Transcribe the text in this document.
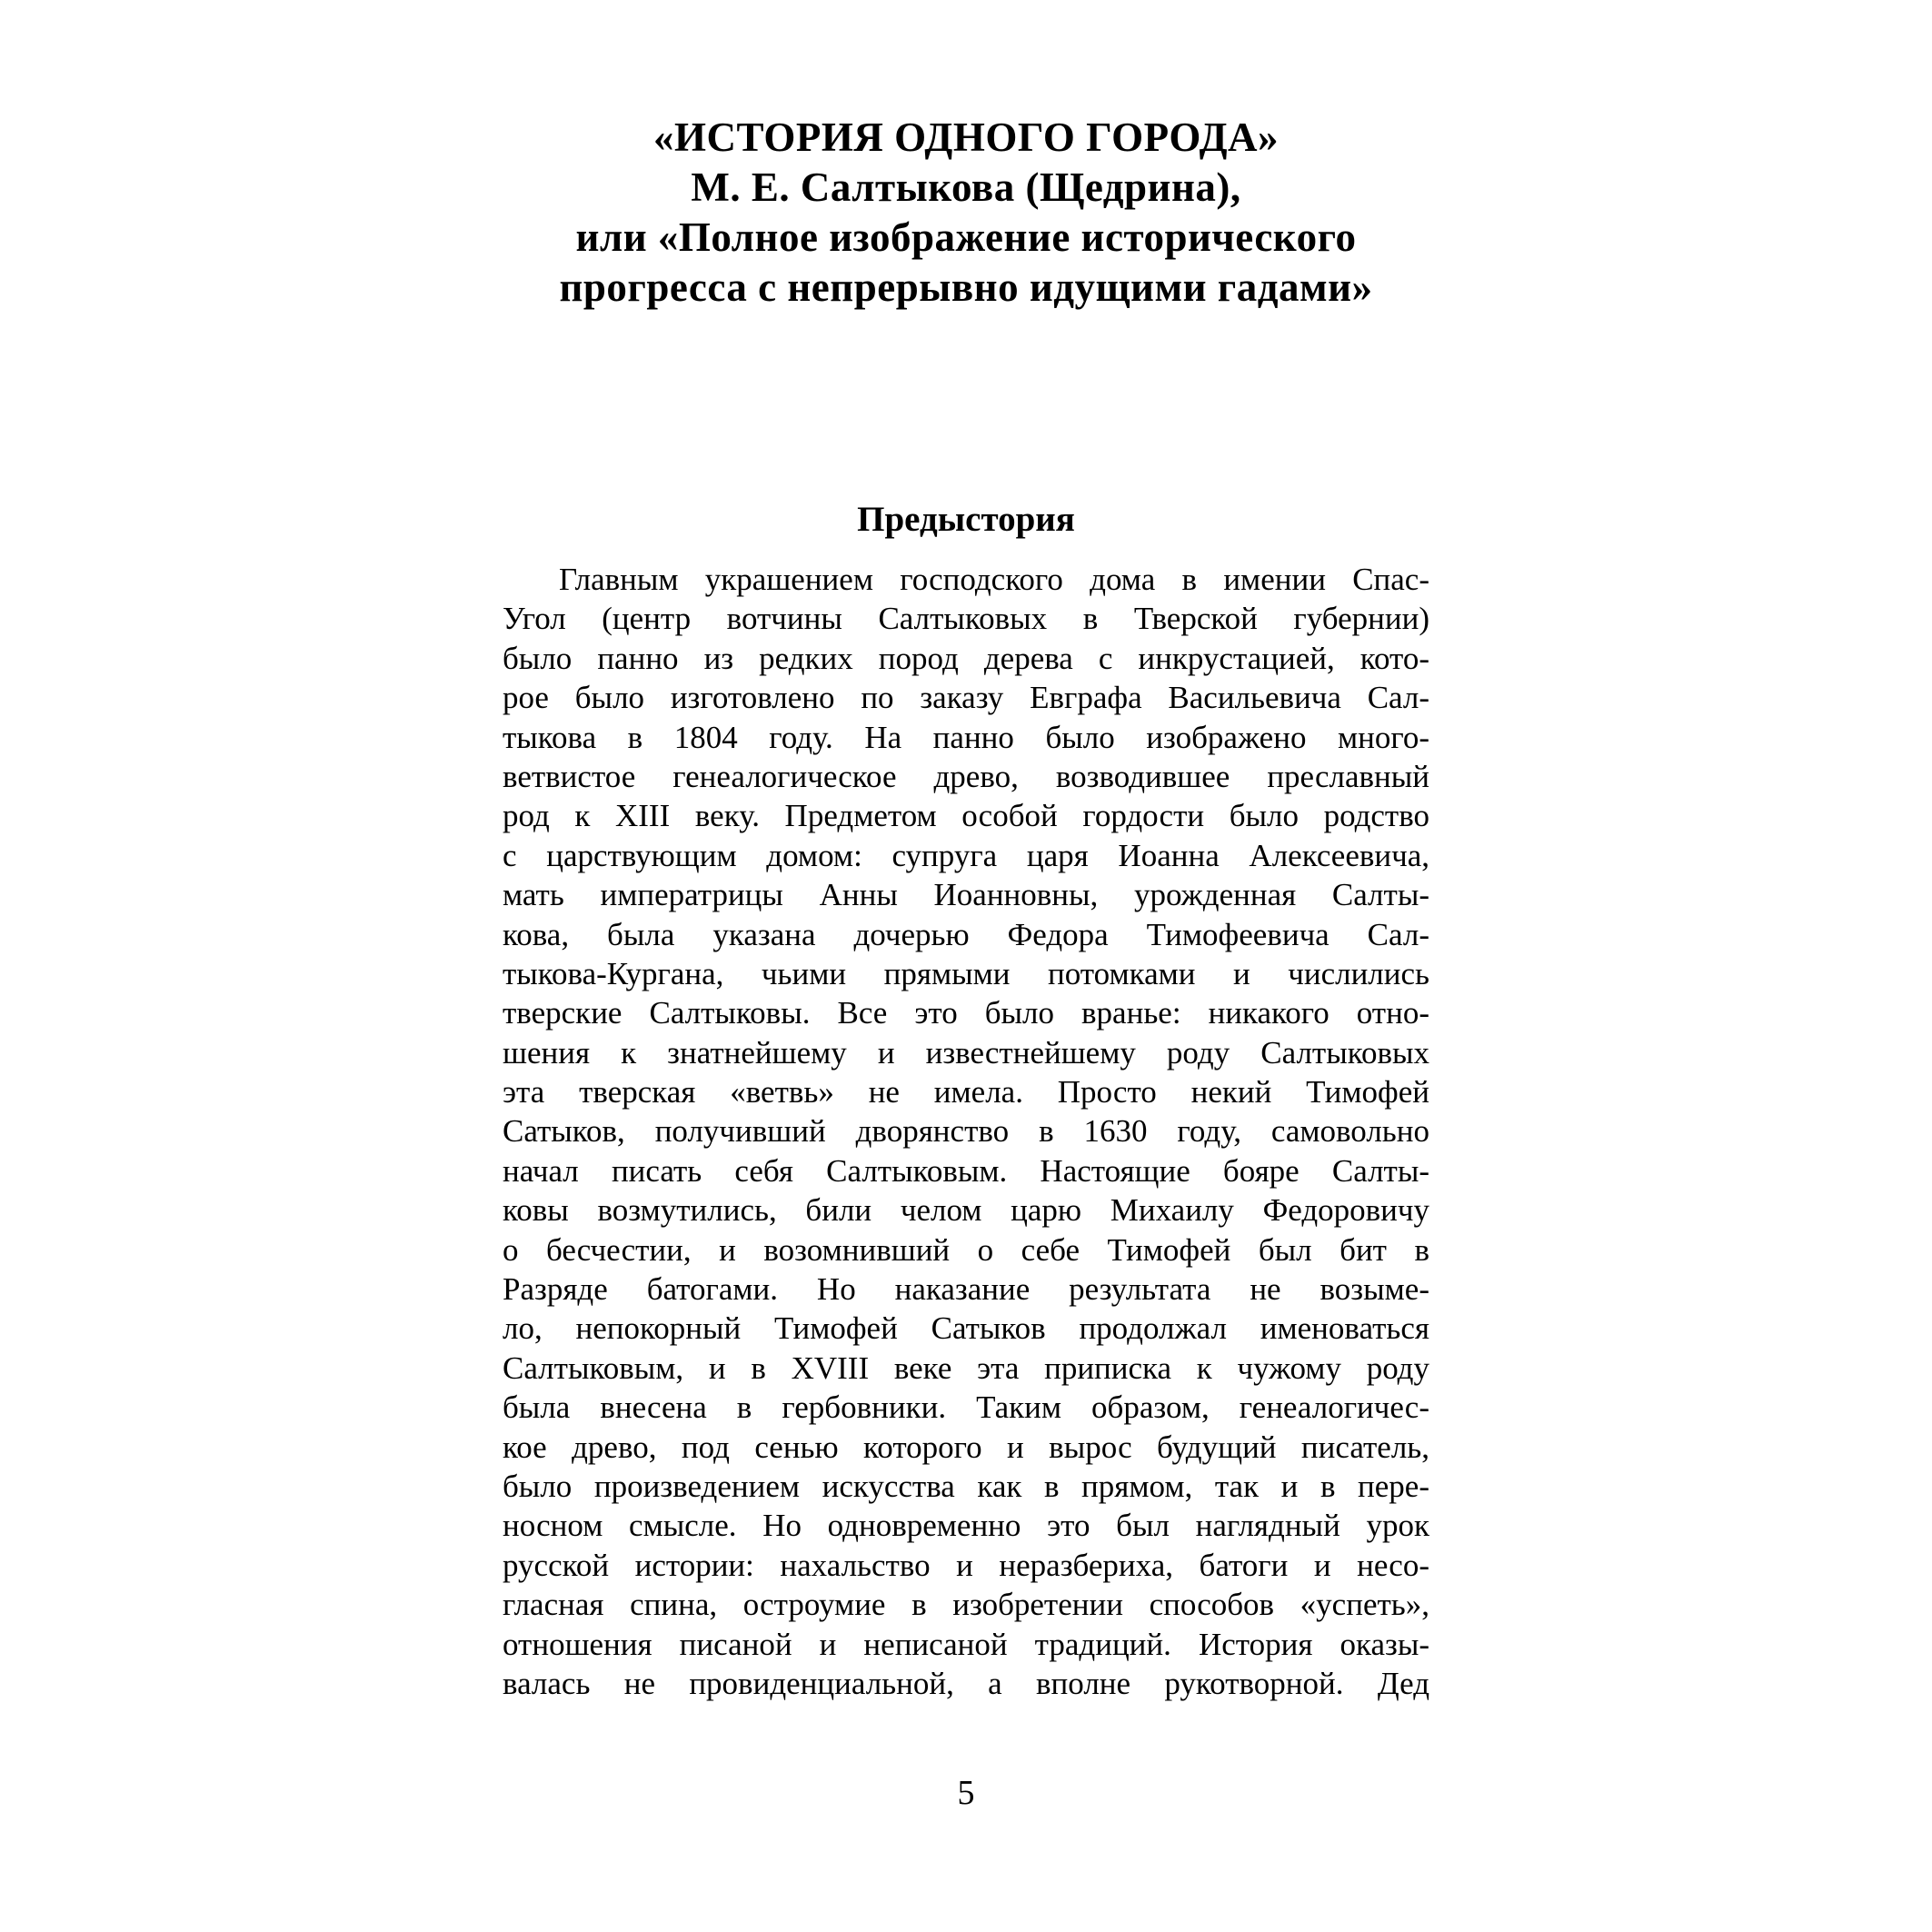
«ИСТОРИЯ ОДНОГО ГОРОДА»
М. Е. Салтыкова (Щедрина),
или «Полное изображение исторического
прогресса с непрерывно идущими гадами»
Предыстория
Главным украшением господского дома в имении Спас-
Угол (центр вотчины Салтыковых в Тверской губернии)
было панно из редких пород дерева с инкрустацией, кото-
рое было изготовлено по заказу Евграфа Васильевича Сал-
тыкова в 1804 году. На панно было изображено много-
ветвистое генеалогическое древо, возводившее преславный
род к XIII веку. Предметом особой гордости было родство
с царствующим домом: супруга царя Иоанна Алексеевича,
мать императрицы Анны Иоанновны, урожденная Салты-
кова, была указана дочерью Федора Тимофеевича Сал-
тыкова-Кургана, чьими прямыми потомками и числились
тверские Салтыковы. Все это было вранье: никакого отно-
шения к знатнейшему и известнейшему роду Салтыковых
эта тверская «ветвь» не имела. Просто некий Тимофей
Сатыков, получивший дворянство в 1630 году, самовольно
начал писать себя Салтыковым. Настоящие бояре Салты-
ковы возмутились, били челом царю Михаилу Федоровичу
о бесчестии, и возомнивший о себе Тимофей был бит в
Разряде батогами. Но наказание результата не возыме-
ло, непокорный Тимофей Сатыков продолжал именоваться
Салтыковым, и в XVIII веке эта приписка к чужому роду
была внесена в гербовники. Таким образом, генеалогичес-
кое древо, под сенью которого и вырос будущий писатель,
было произведением искусства как в прямом, так и в пере-
носном смысле. Но одновременно это был наглядный урок
русской истории: нахальство и неразбериха, батоги и несо-
гласная спина, остроумие в изобретении способов «успеть»,
отношения писаной и неписаной традиций. История оказы-
валась не провиденциальной, а вполне рукотворной. Дед
5
